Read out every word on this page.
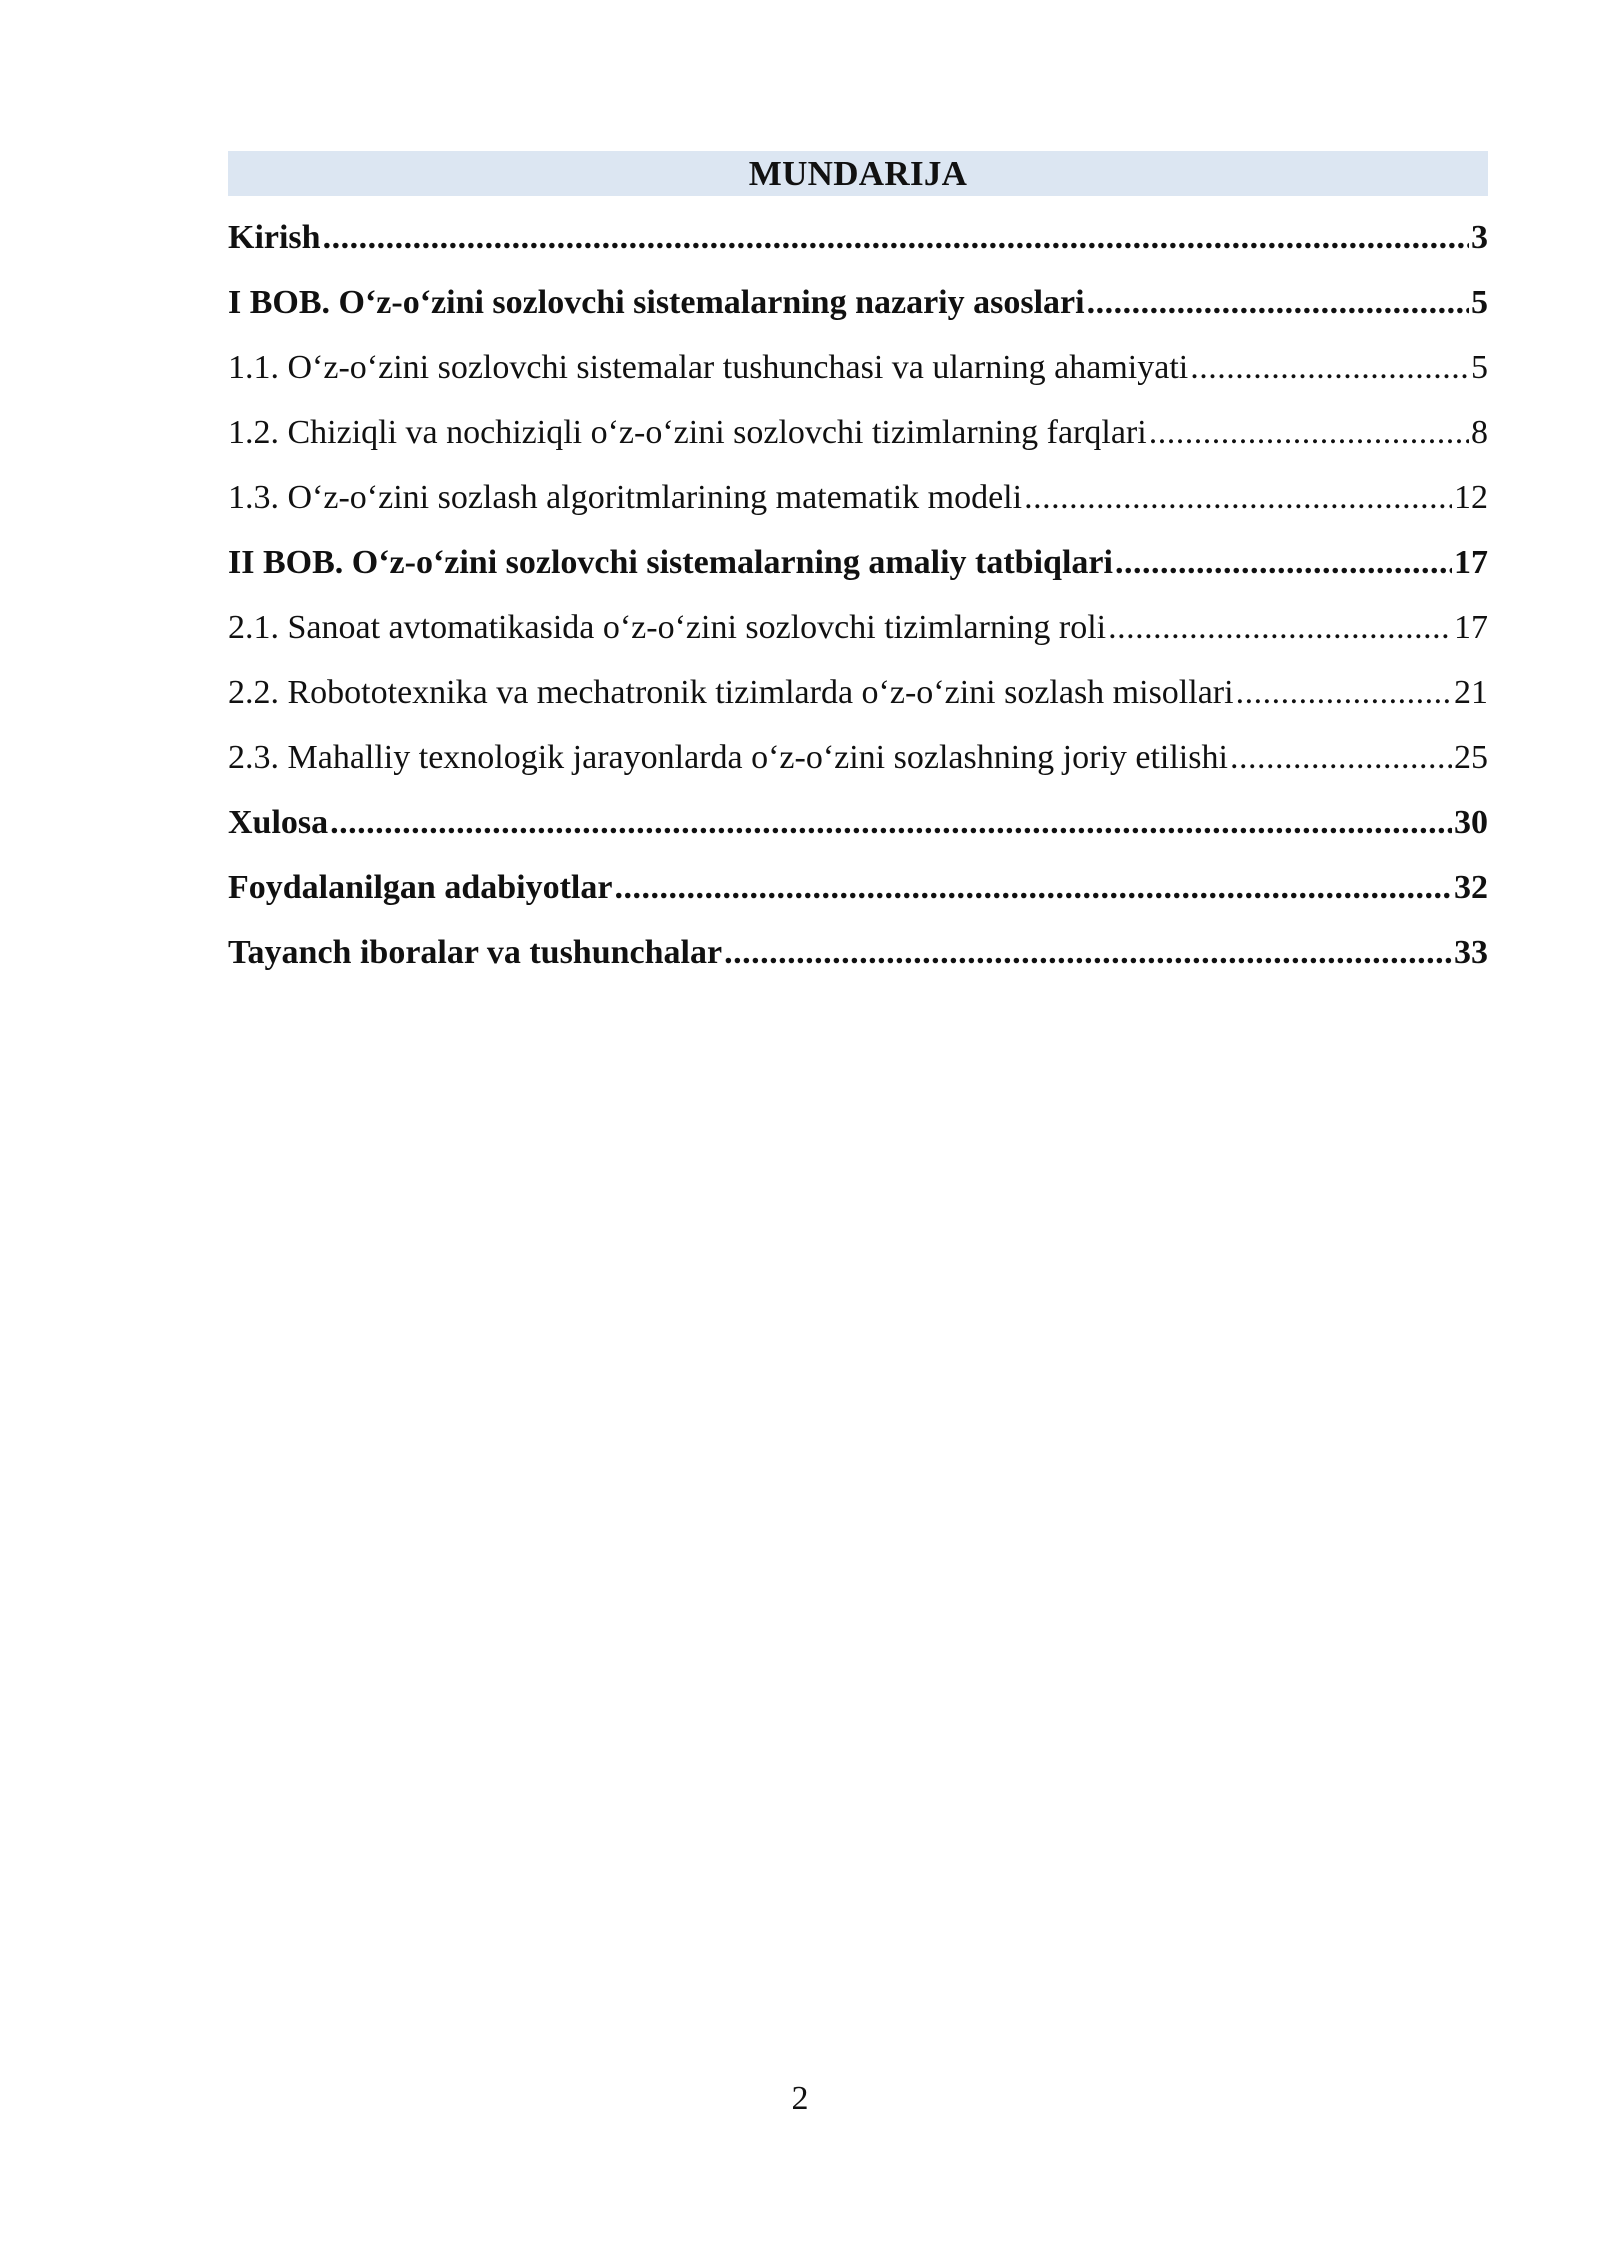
MUNDARIJA
Kirish .....	3
I BOB. O‘z-o‘zini sozlovchi sistemalarning nazariy asoslari .....	5
1.1. O‘z-o‘zini sozlovchi sistemalar tushunchasi va ularning ahamiyati .....	5
1.2. Chiziqli va nochiziqli o‘z-o‘zini sozlovchi tizimlarning farqlari .....	8
1.3. O‘z-o‘zini sozlash algoritmlarining matematik modeli .....	12
II BOB. O‘z-o‘zini sozlovchi sistemalarning amaliy tatbiqlari .....	17
2.1. Sanoat avtomatikasida o‘z-o‘zini sozlovchi tizimlarning roli .....	17
2.2. Robototexnika va mechatronik tizimlarda o‘z-o‘zini sozlash misollari .....	21
2.3. Mahalliy texnologik jarayonlarda o‘z-o‘zini sozlashning joriy etilishi .....	25
Xulosa .....	30
Foydalanilgan adabiyotlar .....	32
Tayanch iboralar va tushunchalar .....	33
2
